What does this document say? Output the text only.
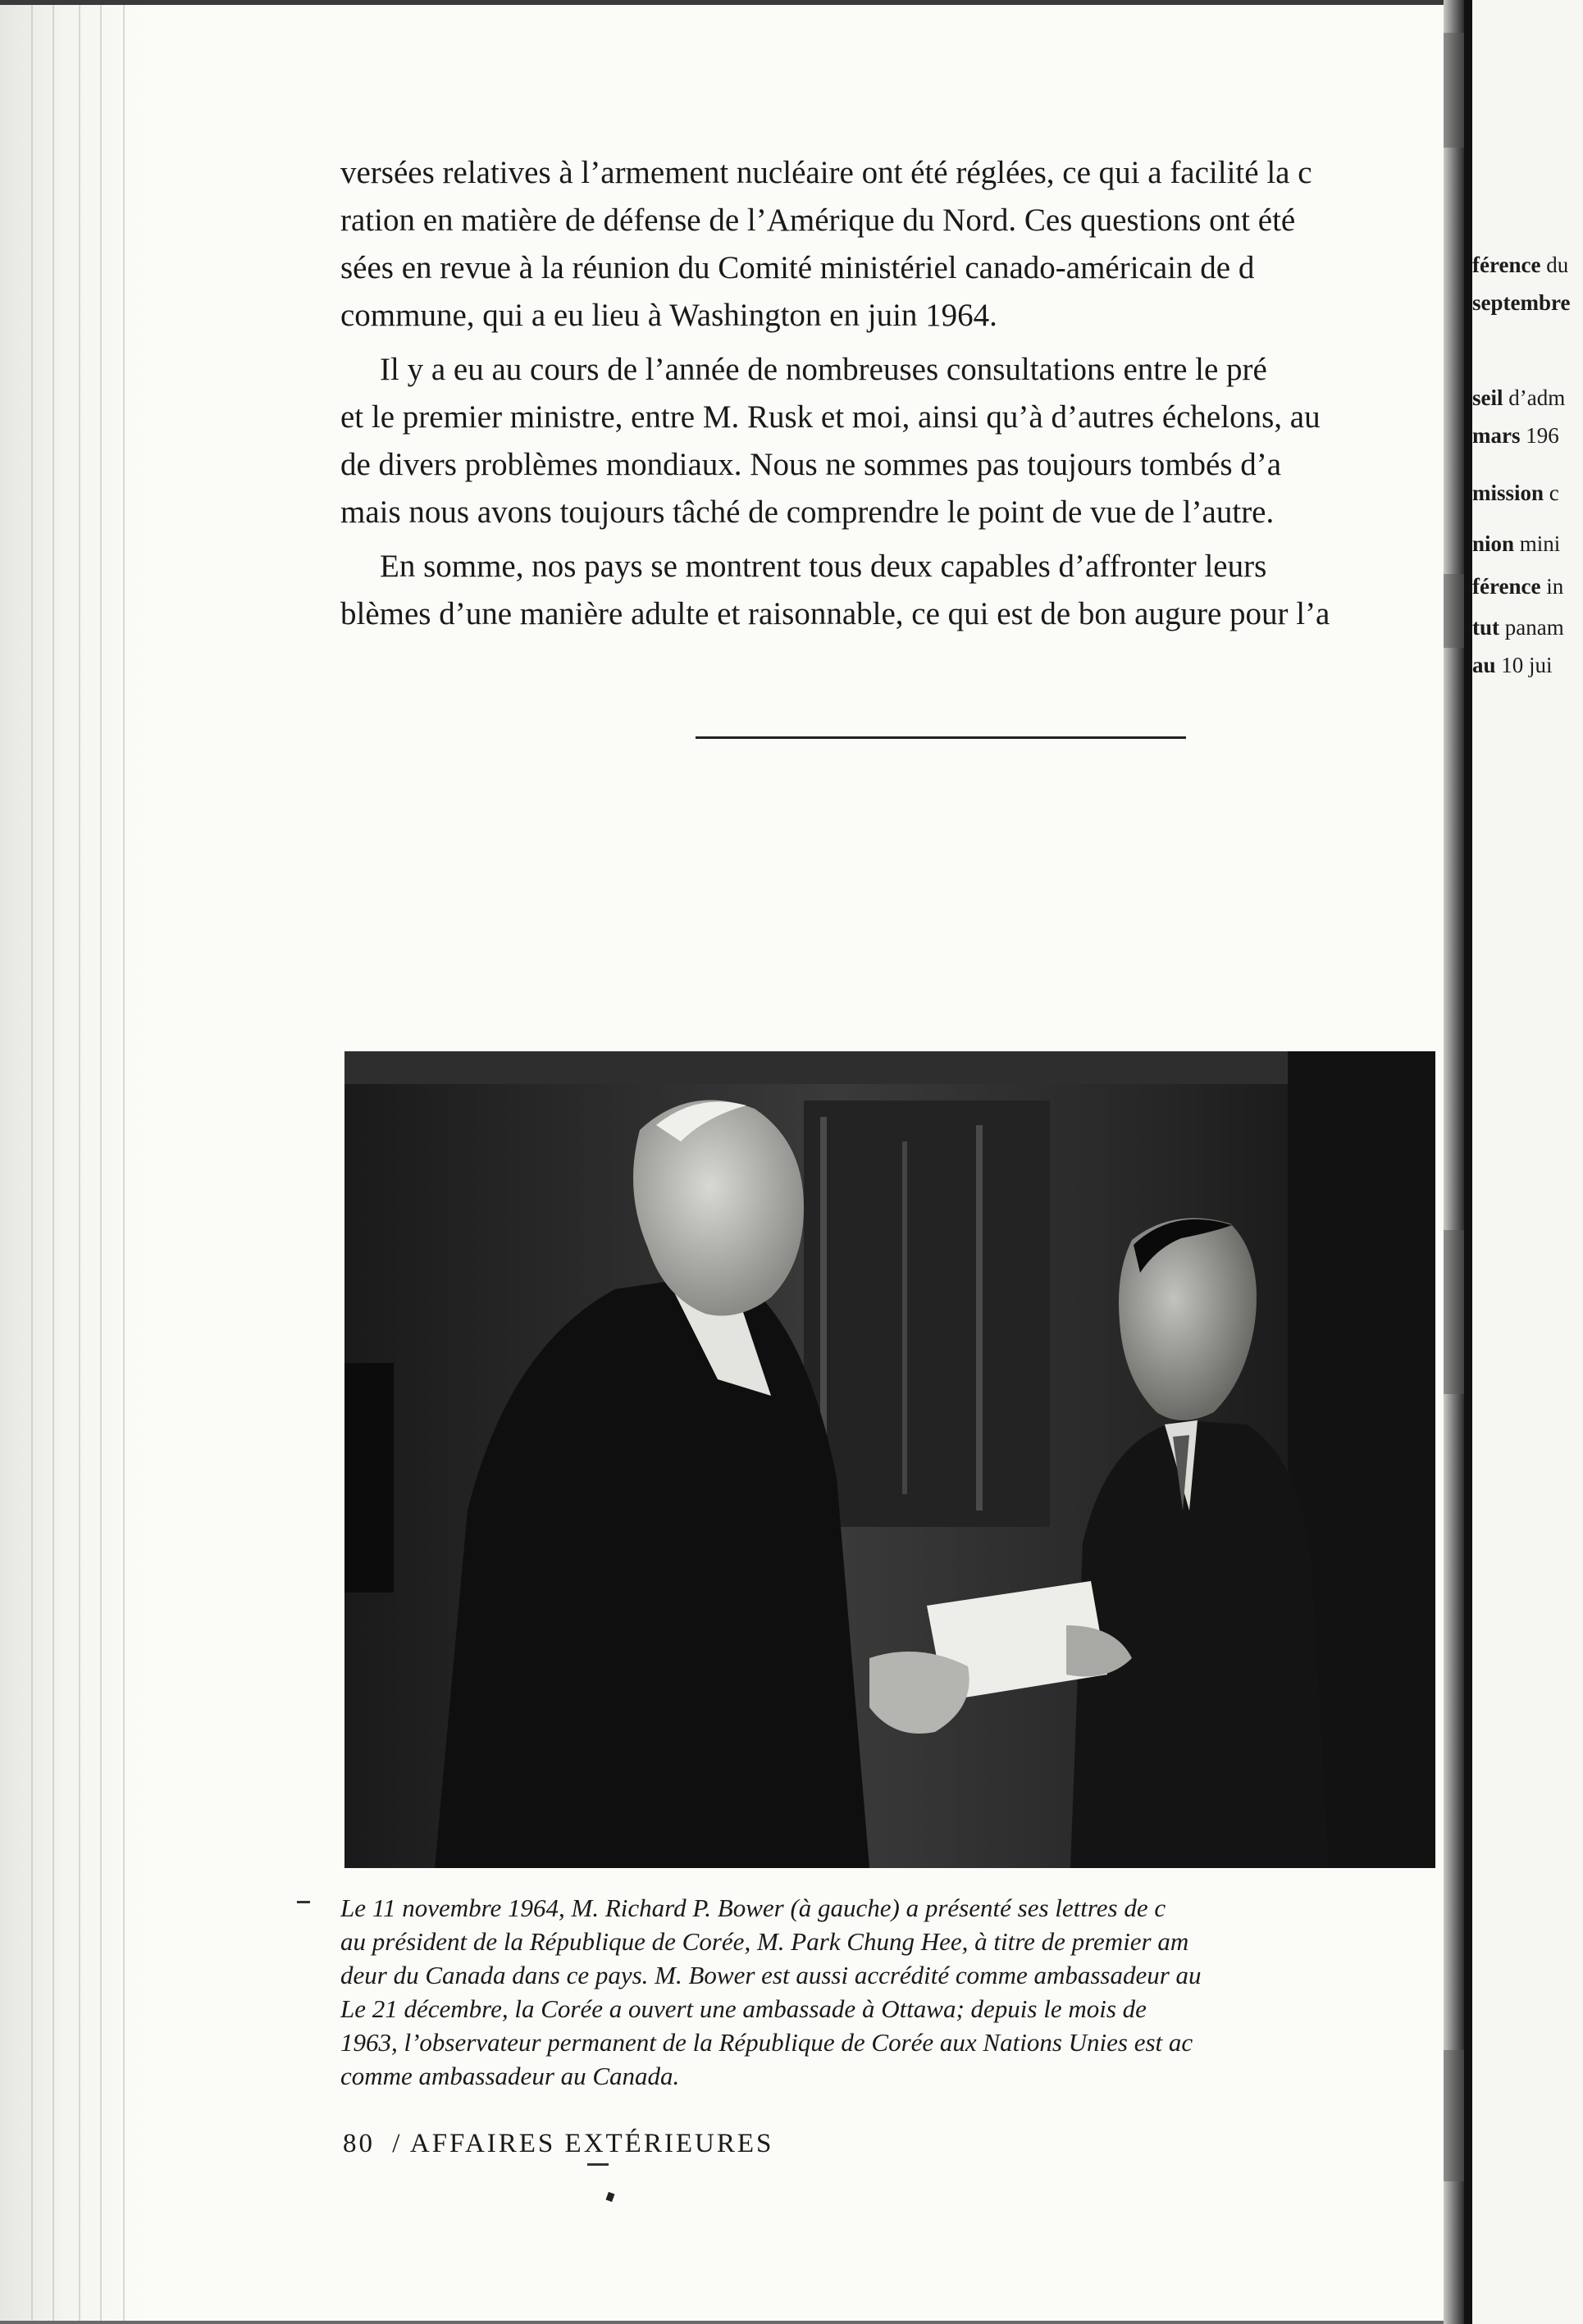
versées relatives à l’armement nucléaire ont été réglées, ce qui a facilité la c
ration en matière de défense de l’Amérique du Nord. Ces questions ont été
sées en revue à la réunion du Comité ministériel canado-américain de d
commune, qui a eu lieu à Washington en juin 1964.

Il y a eu au cours de l’année de nombreuses consultations entre le pré
et le premier ministre, entre M. Rusk et moi, ainsi qu’à d’autres échelons, au
de divers problèmes mondiaux. Nous ne sommes pas toujours tombés d’a
mais nous avons toujours tâché de comprendre le point de vue de l’autre.

En somme, nos pays se montrent tous deux capables d’affronter leurs
blèmes d’une manière adulte et raisonnable, ce qui est de bon augure pour l’a

Le 11 novembre 1964, M. Richard P. Bower (à gauche) a présenté ses lettres de c
au président de la République de Corée, M. Park Chung Hee, à titre de premier am
deur du Canada dans ce pays. M. Bower est aussi accrédité comme ambassadeur au
Le 21 décembre, la Corée a ouvert une ambassade à Ottawa; depuis le mois de
1963, l’observateur permanent de la République de Corée aux Nations Unies est ac
comme ambassadeur au Canada.
80 / AFFAIRES EXTÉRIEURES
férence du
septembre
seil d’adm
mars 196
mission c
nion mini
férence in
tut panam
au 10 jui
